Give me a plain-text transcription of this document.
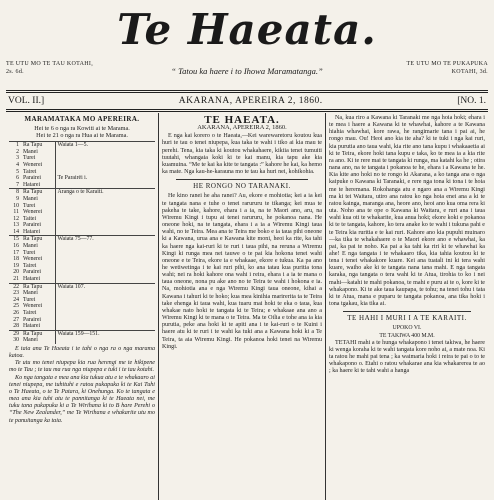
Te Haeata.
TE UTU MO TE TAU KOTAHI, 2s. 6d.	“ Tatou ka haere i to Ihowa Maramatanga.”
TE UTU MO TE PUKAPUKA KOTAHI, 3d.
VOL. II.]	AKARANA, APEREIRA 2, 1860.	[NO. 1.
MARAMATAKA MO APEREIRA.
Hei te 6 o nga ra Kowiti ai te Marama.
Hei te 21 o nga ra Hua ai te Marama.
1	Ra Tapu	Waiata 1—5.
2	Manei	
3	Turei	
4	Wenerei	
5	Tairei	
6	Parairei	Te Parairēi i.
7	Hatarei	
8	Ra Tapu	Aranga o te Karaiti.
9	Manei	
10	Turei	
11	Wenerei	
12	Taitei	
13	Parairei	
14	Hatarei	
15	Ra Tapu	Waiata 75—77.
16	Manei	
17	Turei	
18	Wenerei	
19	Tairei	
20	Parairei	
21	Hatarei	
22	Ra Tapu	Waiata 107.
23	Manei	
24	Turei	
25	Wenerei	
26	Tairei	
27	Parairei	
28	Hatarei	
29	Ra Tapu	Waiata 159—151.
30	Manei	
E taia ana Te Haeata i te tahi o nga ra o nga marama katoa.
Te utu mo tenei niupepa kia rua herengi me te hikipene mo te Tau ; te tau ma rua nga niupepa e tuki i te tau kotahi.
Ko nga tangata e mea ana kia tukua atu e te whakaaro ai tenei niupepa, me tuhituhi e ratou pukapuka ki te Kai Tuhi o Te Haeata, o te Te Patara, ki Onehunga. Ko te tangata e mea ana kia tuhi atu te pannitanga ki te Haeata nei, me tuku tana pukapuka ki a Te Wirihana ki to B hare Perehi o “The New Zealander,” me Te Wirihana e whakarite utu mo te panuitanga ka taia.
TE HAEATA.
AKARANA, APEREIRA 2, 1860.
E nga kai korero o te Haeata,—Kei warewaretoru koutou kua huri te tau o tenei niupepa, kua taka te wahi i tiko ai kia mau te perehi. Tena, kia taka ki koutou whakahaere, kikiia tenei tumuiti tuutahi, whangaia koki ki te kai manu, kia tapu ake kia kuamuina. “Me te kai ka kite te tangata :” kahore he kai, ka hemo ka mate. Nga kau-he-karauna mo te tau ka huri nei, kohikohia.
HE RONGO NO TARANAKI.
He kino ranei he aha ranei? Au, ekore e mohiotia; kei a ia kei te tangata nana e tuhe o tenei rarururu te tikanga; kei mua te pakeha te take, kahore, ehara i a ia, na te Maori ano, aru, na Wiremu Kingi i tupu ai tenei rarururu, he pokanoa nana. He oneone hoki, na te tangata, ehara i a ia a Wiremu Kingi taua wahi, no te Teira. Mea ana te Teira me boko e ia taua pihi oneone ki a Kawana, urua ana e Kawana kite moni, heoi ka rite, ka tahi ka haere nga kai-ruri ki te ruri i taua pihi, na reruna a Wiremu Kingi ki runga mea nei tauwe o te pai kia hokona tenei wahi oneone e te Teira, ekore ia e whakaae, ekore e tukua. Ka pa ano he wetiwetinga i te kai ruri pihi, ko ana tatau kua puritia tona wahi; nei ra hoki kahore ona wahi i reira, ehara i a ia te mana o taua oneone, nona pu ake ano no te Teira te wahi i hokona e ia. Na, mohiotia ana e nga Wiremu Kingi taua oneone, kihai a Kawana i tahuri ki te hoko; kua mea kinihia marirerita ta te Teira take ehenga ki taua wahi, kua tuaru mai hoki te eka o taua, kua whakae nato hoki te tangata ki te Teira; e whakaae ana ano a Wiremu Kingi ki te mana o te Teira. Ma te Oilia e tohe ana ia kia purutia, peke ana hoki ki te apiti ana i te kai-ruri o te Kuini i haere atu ki te ruri i te wahi ka tuki ana a Kawana hoki ki a Te Teira, ta aia Wiremu Kingi. He pokanoa hoki tenei na Wiremu Kingi.
Na, kua riro a Kawana ki Taranaki me nga hoia hoki; ehara i te mea i haere a Kawana ki te whawhai, kahore a te Kawana hiahia whawhai, kore rawa, he rangimarie tana i pai ai, he rongo mau. Ou! Heoi ano kia ite aha? ki te tuki i nga kai ruri, kia purutia ano taua wahi, kia rite ano tana kupu i whakaaetia ai ki te Teira, ekore hoki tana kupu e taka, ko te mea ia a kia rite ra ano. Ki te rere mai te tangata ki runga, ma katahi ka he ; otira nana ano, na te tangata i pokanoa te he, ehara i a Kawana te he. Kia kite ano hoki no te rongo ki Akarana, a ko tanga ana o nga kaipuke o Kawana ki Taranaki, e rere nga tona ki tona i te hoia me te heremana. Rokohanga atu e ngaro ana a Wiremu Kingi ma ki tei Waitara, utiro ana ratou ko nga hoia enei ana a ki te ratou kainga, maranga ana, heore ano, heoi ano kua oma rera ki uta. Noho ana te ope o Kawana ki Waitara, e ruri ana i taua wahi kua oti te whakarite, kua anua hoki; ekore koki e pokanoa ki te te tangata, kahore, ko tera anake ko te wahi i tukuna pahi e te Teira kia ruritia e te kai ruri. Kahore ano kia pupuhi muinaro—ka tika te whakahaere o te Maori ekore ano e whawhai, ka pai, ka pai te noho. Ka pai a ka tahi ka riri ki te whawhai ka ahe! E nga tangata i te whakaaro tika, kia tahia koutou ki te tena i tenei whakakore kuare. Kei ana tuatali ini ki tera wahi kuare, waiho ake ki te tangata nana tana mahi. E nga tangata karaka, nga tangata o tera wahi ki te Atua, tirohia to ko i nei mahi—katahi te mahi pokanoa, te mahi e puru ai te o, kore ki te whakapono. Ki te ake taua kaupapa, te tohu; na tenei tohu i tata ki te Atua, mana e puparu te tangata pokanoa, ana tika hoki i tona tgakau, kia tika ai.
TE HAHI I MURI I A TE KARAITI.
UPOKO VI.
TE TAKIWA 400 M.M.
TETAHI mahi a te hunga whakapono i tenei takiwa, he haere ki wenga koraha ki te wahi tangata kore noho ai, a mate noa. Ki ta ratou he mahi pai tena ; ka waimaria hoki i reira te pai o to te whakapono o. Etahi o ratou whakarae ana kia whakarerea te ao ; ka haere ki te tahi wahi a hanga
